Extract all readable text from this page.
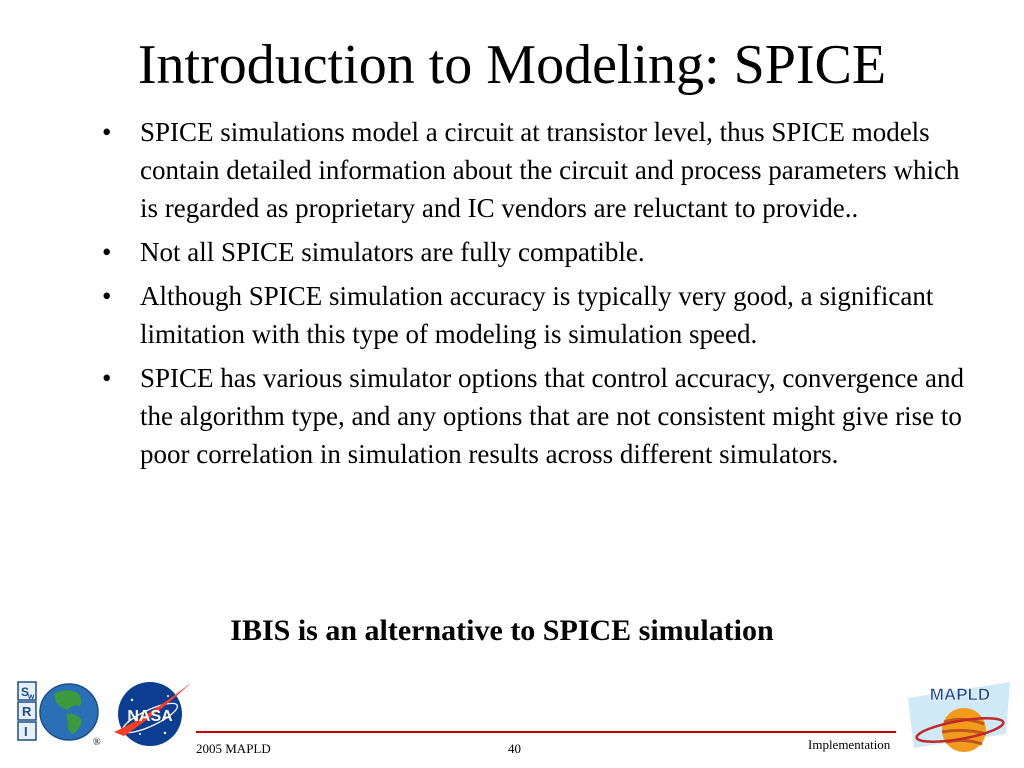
Introduction to Modeling: SPICE
• SPICE simulations model a circuit at transistor level, thus SPICE models contain detailed information about the circuit and process parameters which is regarded as proprietary and IC vendors are reluctant to provide..
• Not all SPICE simulators are fully compatible.
• Although SPICE simulation accuracy is typically very good, a significant limitation with this type of modeling is simulation speed.
• SPICE has various simulator options that control accuracy, convergence and the algorithm type, and any options that are not consistent might give rise to poor correlation in simulation results across different simulators.
IBIS is an alternative to SPICE simulation
S
w
R
I
®
NASA
MAPLD
2005 MAPLD	40	Implementation
